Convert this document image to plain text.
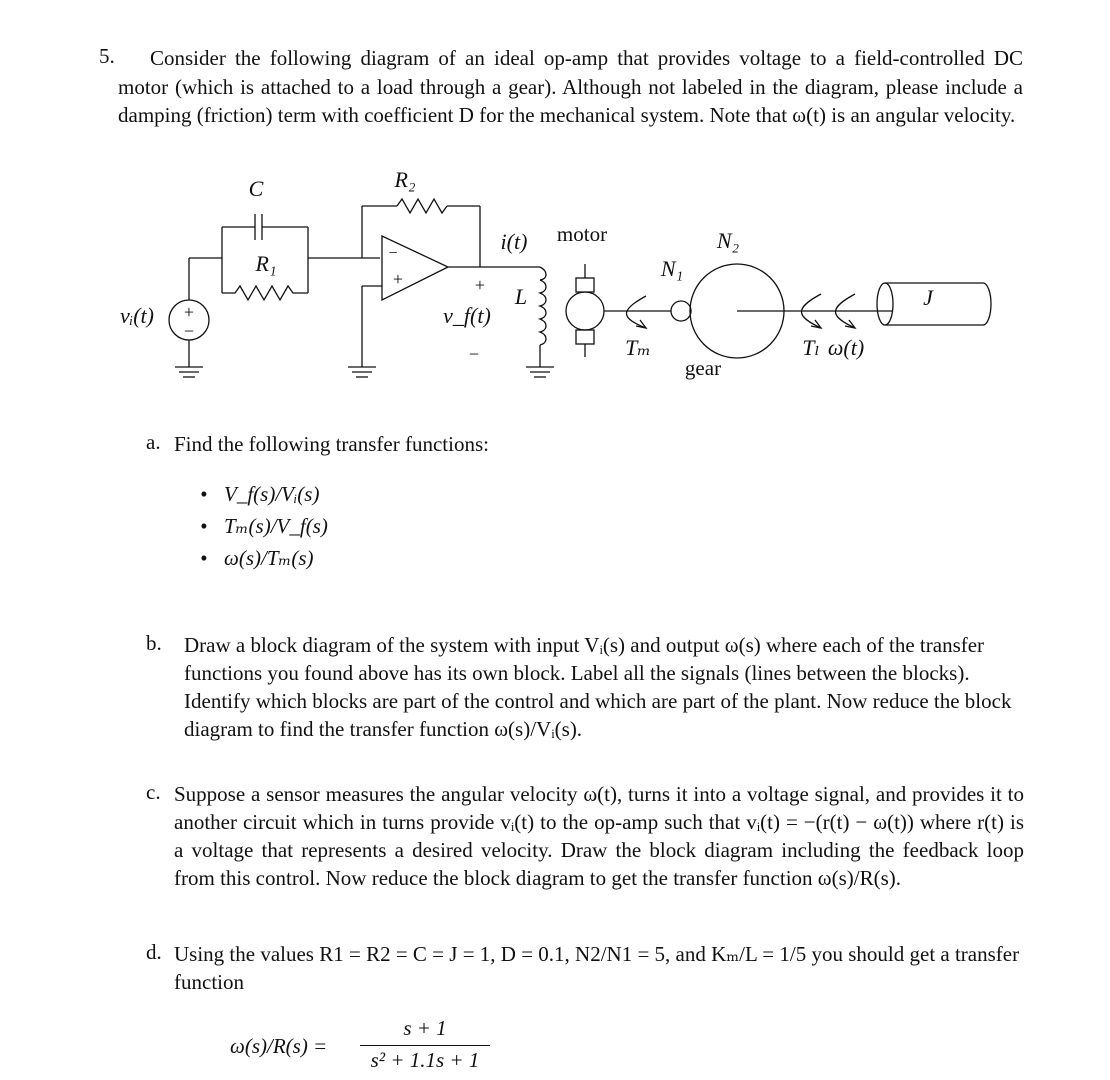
5.	Consider the following diagram of an ideal op-amp that provides voltage to a field-controlled DC motor (which is attached to a load through a gear). Although not labeled in the diagram, please include a damping (friction) term with coefficient D for the mechanical system. Note that ω(t) is an angular velocity.
+
−
−
+
C	R₂
R₁
vᵢ(t)
i(t) motor	N₂
N₁
J
+ L
v_f(t)
−	Tₘ
gear
Tₗ ω(t)
a. Find the following transfer functions:
• V_f(s)/Vᵢ(s)
• Tₘ(s)/V_f(s)
• ω(s)/Tₘ(s)
b. Draw a block diagram of the system with input Vᵢ(s) and output ω(s) where each of the transfer functions you found above has its own block. Label all the signals (lines between the blocks). Identify which blocks are part of the control and which are part of the plant. Now reduce the block diagram to find the transfer function ω(s)/Vᵢ(s).
c. Suppose a sensor measures the angular velocity ω(t), turns it into a voltage signal, and provides it to another circuit which in turns provide vᵢ(t) to the op-amp such that vᵢ(t) = −(r(t) − ω(t)) where r(t) is a voltage that represents a desired velocity. Draw the block diagram including the feedback loop from this control. Now reduce the block diagram to get the transfer function ω(s)/R(s).
d. Using the values R1 = R2 = C = J = 1, D = 0.1, N2/N1 = 5, and Kₘ/L = 1/5 you should get a transfer function
ω(s)/R(s) =
s + 1
s² + 1.1s + 1
